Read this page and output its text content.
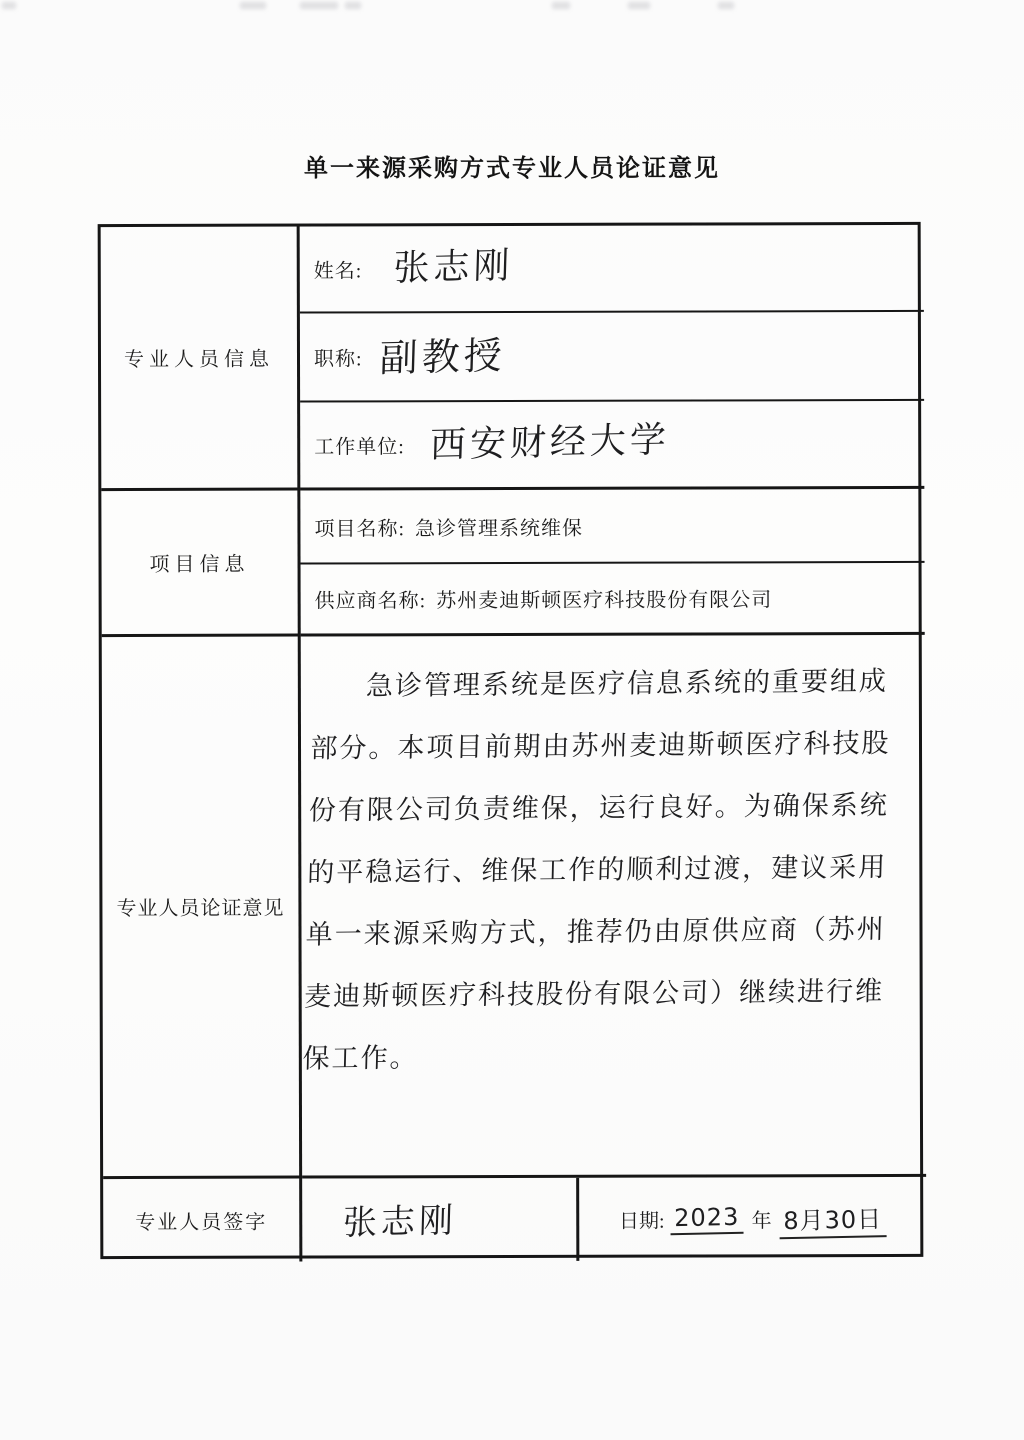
单一来源采购方式专业人员论证意见
专业人员信息
姓名: 张志刚
职称: 副教授
工作单位: 西安财经大学
项目信息
项目名称: 急诊管理系统维保
供应商名称: 苏州麦迪斯顿医疗科技股份有限公司
专业人员论证意见
急诊管理系统是医疗信息系统的重要组成部分。本项目前期由苏州麦迪斯顿医疗科技股份有限公司负责维保，运行良好。为确保系统的平稳运行、维保工作的顺利过渡，建议采用单一来源采购方式，推荐仍由原供应商（苏州麦迪斯顿医疗科技股份有限公司）继续进行维保工作。
专业人员签字	张志刚	日期: 2023 年 8月30日
